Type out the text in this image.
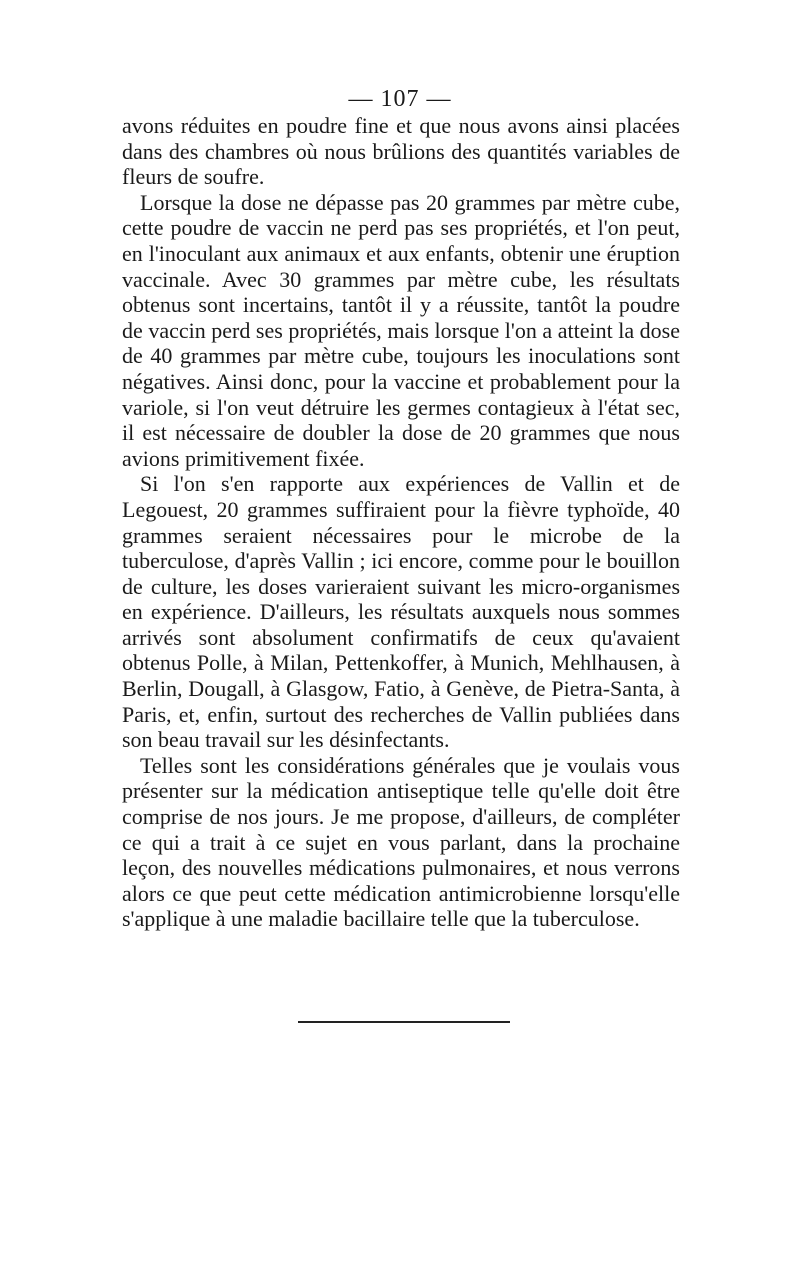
— 107 —

avons réduites en poudre fine et que nous avons ainsi placées dans des chambres où nous brûlions des quantités variables de fleurs de soufre.

Lorsque la dose ne dépasse pas 20 grammes par mètre cube, cette poudre de vaccin ne perd pas ses propriétés, et l'on peut, en l'inoculant aux animaux et aux enfants, obtenir une éruption vaccinale. Avec 30 grammes par mètre cube, les résultats obtenus sont incertains, tantôt il y a réussite, tantôt la poudre de vaccin perd ses propriétés, mais lorsque l'on a atteint la dose de 40 grammes par mètre cube, toujours les inoculations sont négatives. Ainsi donc, pour la vaccine et probablement pour la variole, si l'on veut détruire les germes contagieux à l'état sec, il est nécessaire de doubler la dose de 20 grammes que nous avions primitivement fixée.

Si l'on s'en rapporte aux expériences de Vallin et de Legouest, 20 grammes suffiraient pour la fièvre typhoïde, 40 grammes seraient nécessaires pour le microbe de la tuberculose, d'après Vallin ; ici encore, comme pour le bouillon de culture, les doses varieraient suivant les micro-organismes en expérience. D'ailleurs, les résultats auxquels nous sommes arrivés sont absolument confirmatifs de ceux qu'avaient obtenus Polle, à Milan, Pettenkoffer, à Munich, Mehlhausen, à Berlin, Dougall, à Glasgow, Fatio, à Genève, de Pietra-Santa, à Paris, et, enfin, surtout des recherches de Vallin publiées dans son beau travail sur les désinfectants.

Telles sont les considérations générales que je voulais vous présenter sur la médication antiseptique telle qu'elle doit être comprise de nos jours. Je me propose, d'ailleurs, de compléter ce qui a trait à ce sujet en vous parlant, dans la prochaine leçon, des nouvelles médications pulmonaires, et nous verrons alors ce que peut cette médication antimicrobienne lorsqu'elle s'applique à une maladie bacillaire telle que la tuberculose.
